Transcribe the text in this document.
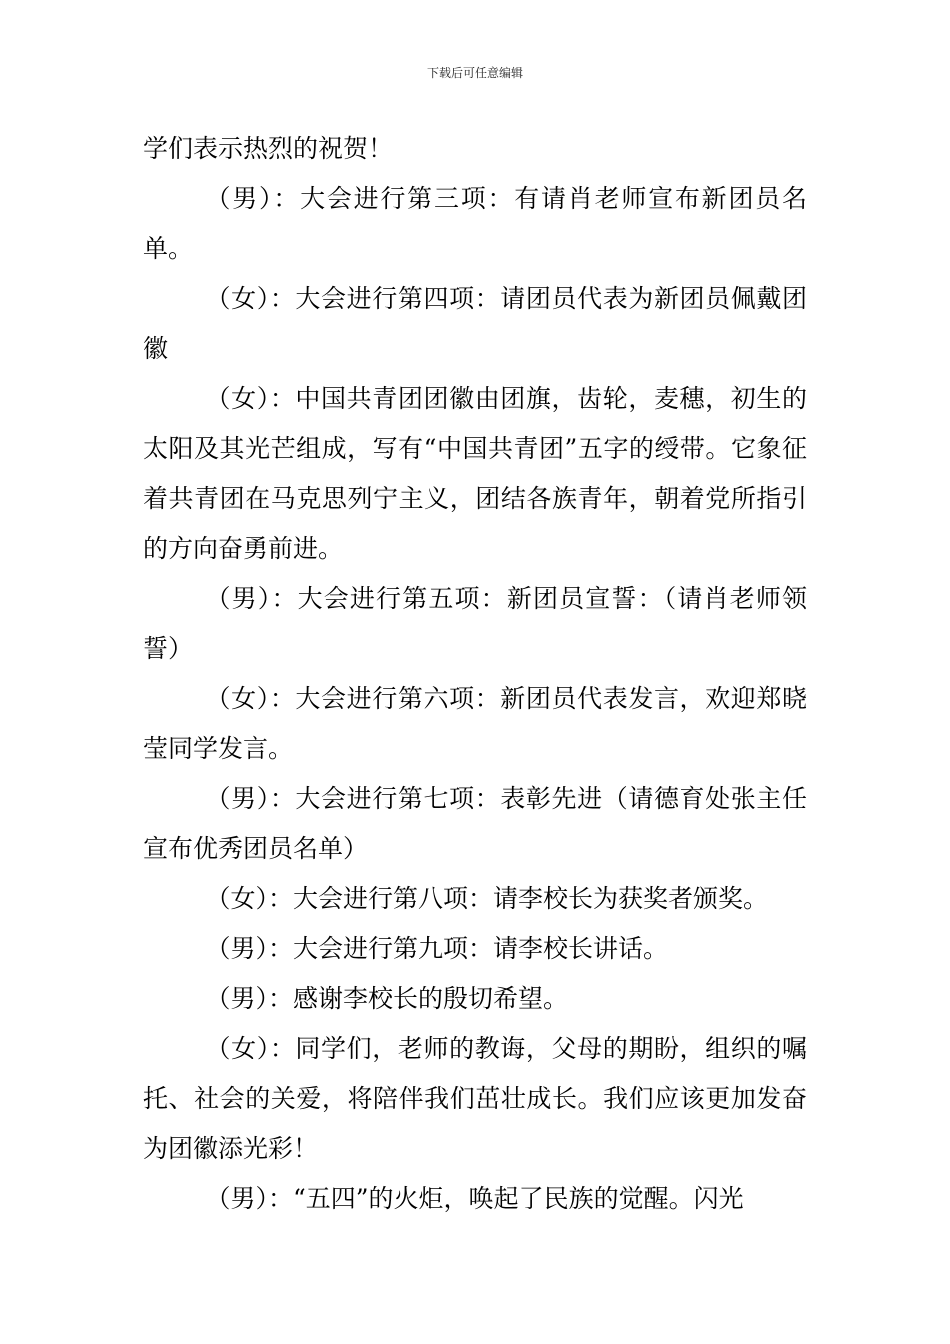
下载后可任意编辑

学们表示热烈的祝贺！

（男）：大会进行第三项：有请肖老师宣布新团员名单。

（女）：大会进行第四项：请团员代表为新团员佩戴团徽

（女）：中国共青团团徽由团旗，齿轮，麦穗，初生的太阳及其光芒组成，写有“中国共青团”五字的绶带。它象征着共青团在马克思列宁主义，团结各族青年，朝着党所指引的方向奋勇前进。

（男）：大会进行第五项：新团员宣誓：（请肖老师领誓）

（女）：大会进行第六项：新团员代表发言，欢迎郑晓莹同学发言。

（男）：大会进行第七项：表彰先进（请德育处张主任宣布优秀团员名单）

（女）：大会进行第八项：请李校长为获奖者颁奖。

（男）：大会进行第九项：请李校长讲话。

（男）：感谢李校长的殷切希望。

（女）：同学们，老师的教诲，父母的期盼，组织的嘱托、社会的关爱，将陪伴我们茁壮成长。我们应该更加发奋为团徽添光彩！

（男）：“五四”的火炬，唤起了民族的觉醒。闪光
